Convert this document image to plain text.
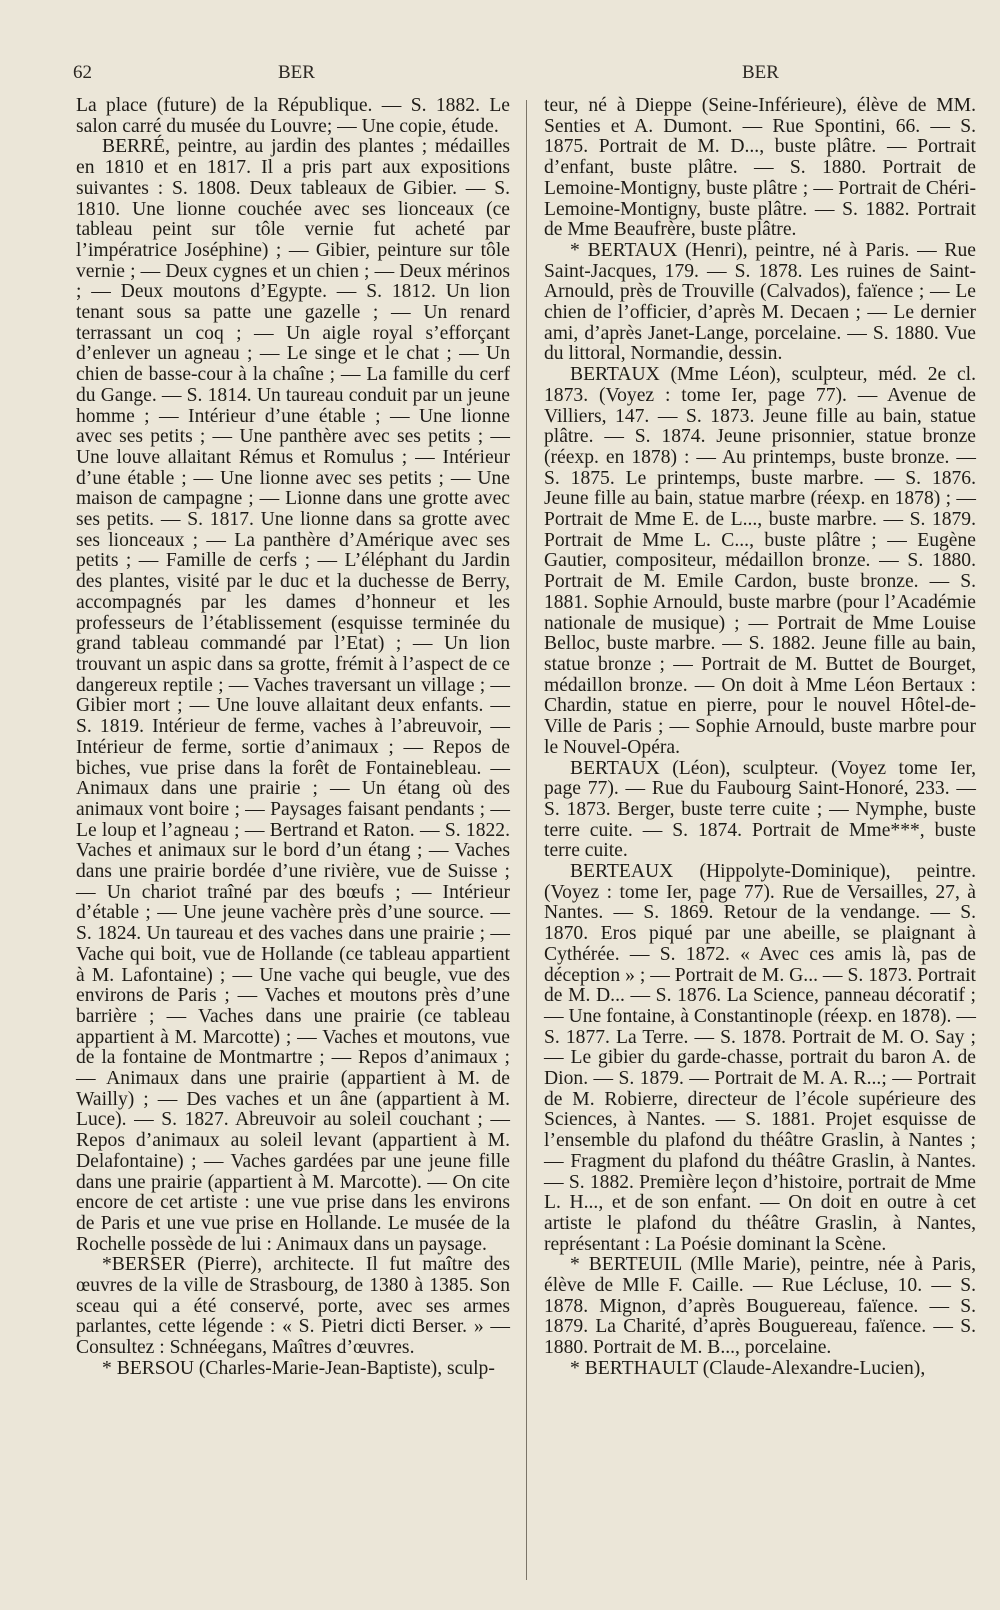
62	BER	BER

La place (future) de la République. — S. 1882. Le salon carré du musée du Louvre; — Une copie, étude.

BERRÉ, peintre, au jardin des plantes ; médailles en 1810 et en 1817. Il a pris part aux expositions suivantes : S. 1808. Deux tableaux de Gibier. — S. 1810. Une lionne couchée avec ses lionceaux (ce tableau peint sur tôle vernie fut acheté par l’impératrice Joséphine) ; — Gibier, peinture sur tôle vernie ; — Deux cygnes et un chien ; — Deux mérinos ; — Deux moutons d’Egypte. — S. 1812. Un lion tenant sous sa patte une gazelle ; — Un renard terrassant un coq ; — Un aigle royal s’efforçant d’enlever un agneau ; — Le singe et le chat ; — Un chien de basse-cour à la chaîne ; — La famille du cerf du Gange. — S. 1814. Un taureau conduit par un jeune homme ; — Intérieur d’une étable ; — Une lionne avec ses petits ; — Une panthère avec ses petits ; — Une louve allaitant Rémus et Romulus ; — Intérieur d’une étable ; — Une lionne avec ses petits ; — Une maison de campagne ; — Lionne dans une grotte avec ses petits. — S. 1817. Une lionne dans sa grotte avec ses lionceaux ; — La panthère d’Amérique avec ses petits ; — Famille de cerfs ; — L’éléphant du Jardin des plantes, visité par le duc et la duchesse de Berry, accompagnés par les dames d’honneur et les professeurs de l’établissement (esquisse terminée du grand tableau commandé par l’Etat) ; — Un lion trouvant un aspic dans sa grotte, frémit à l’aspect de ce dangereux reptile ; — Vaches traversant un village ; — Gibier mort ; — Une louve allaitant deux enfants. — S. 1819. Intérieur de ferme, vaches à l’abreuvoir, — Intérieur de ferme, sortie d’animaux ; — Repos de biches, vue prise dans la forêt de Fontainebleau. — Animaux dans une prairie ; — Un étang où des animaux vont boire ; — Paysages faisant pendants ; — Le loup et l’agneau ; — Bertrand et Raton. — S. 1822. Vaches et animaux sur le bord d’un étang ; — Vaches dans une prairie bordée d’une rivière, vue de Suisse ; — Un chariot traîné par des bœufs ; — Intérieur d’étable ; — Une jeune vachère près d’une source. — S. 1824. Un taureau et des vaches dans une prairie ; — Vache qui boit, vue de Hollande (ce tableau appartient à M. Lafontaine) ; — Une vache qui beugle, vue des environs de Paris ; — Vaches et moutons près d’une barrière ; — Vaches dans une prairie (ce tableau appartient à M. Marcotte) ; — Vaches et moutons, vue de la fontaine de Montmartre ; — Repos d’animaux ; — Animaux dans une prairie (appartient à M. de Wailly) ; — Des vaches et un âne (appartient à M. Luce). — S. 1827. Abreuvoir au soleil couchant ; — Repos d’animaux au soleil levant (appartient à M. Delafontaine) ; — Vaches gardées par une jeune fille dans une prairie (appartient à M. Marcotte). — On cite encore de cet artiste : une vue prise dans les environs de Paris et une vue prise en Hollande. Le musée de la Rochelle possède de lui : Animaux dans un paysage.

*BERSER (Pierre), architecte. Il fut maître des œuvres de la ville de Strasbourg, de 1380 à 1385. Son sceau qui a été conservé, porte, avec ses armes parlantes, cette légende : « S. Pietri dicti Berser. » — Consultez : Schnéegans, Maîtres d’œuvres.

* BERSOU (Charles-Marie-Jean-Baptiste), sculp-

teur, né à Dieppe (Seine-Inférieure), élève de MM. Senties et A. Dumont. — Rue Spontini, 66. — S. 1875. Portrait de M. D..., buste plâtre. — Portrait d’enfant, buste plâtre. — S. 1880. Portrait de Lemoine-Montigny, buste plâtre ; — Portrait de Chéri-Lemoine-Montigny, buste plâtre. — S. 1882. Portrait de Mme Beaufrère, buste plâtre.

* BERTAUX (Henri), peintre, né à Paris. — Rue Saint-Jacques, 179. — S. 1878. Les ruines de Saint-Arnould, près de Trouville (Calvados), faïence ; — Le chien de l’officier, d’après M. Decaen ; — Le dernier ami, d’après Janet-Lange, porcelaine. — S. 1880. Vue du littoral, Normandie, dessin.

BERTAUX (Mme Léon), sculpteur, méd. 2e cl. 1873. (Voyez : tome Ier, page 77). — Avenue de Villiers, 147. — S. 1873. Jeune fille au bain, statue plâtre. — S. 1874. Jeune prisonnier, statue bronze (réexp. en 1878) : — Au printemps, buste bronze. — S. 1875. Le printemps, buste marbre. — S. 1876. Jeune fille au bain, statue marbre (réexp. en 1878) ; — Portrait de Mme E. de L..., buste marbre. — S. 1879. Portrait de Mme L. C..., buste plâtre ; — Eugène Gautier, compositeur, médaillon bronze. — S. 1880. Portrait de M. Emile Cardon, buste bronze. — S. 1881. Sophie Arnould, buste marbre (pour l’Académie nationale de musique) ; — Portrait de Mme Louise Belloc, buste marbre. — S. 1882. Jeune fille au bain, statue bronze ; — Portrait de M. Buttet de Bourget, médaillon bronze. — On doit à Mme Léon Bertaux : Chardin, statue en pierre, pour le nouvel Hôtel-de-Ville de Paris ; — Sophie Arnould, buste marbre pour le Nouvel-Opéra.

BERTAUX (Léon), sculpteur. (Voyez tome Ier, page 77). — Rue du Faubourg Saint-Honoré, 233. — S. 1873. Berger, buste terre cuite ; — Nymphe, buste terre cuite. — S. 1874. Portrait de Mme***, buste terre cuite.

BERTEAUX (Hippolyte-Dominique), peintre. (Voyez : tome Ier, page 77). Rue de Versailles, 27, à Nantes. — S. 1869. Retour de la vendange. — S. 1870. Eros piqué par une abeille, se plaignant à Cythérée. — S. 1872. « Avec ces amis là, pas de déception » ; — Portrait de M. G... — S. 1873. Portrait de M. D... — S. 1876. La Science, panneau décoratif ; — Une fontaine, à Constantinople (réexp. en 1878). — S. 1877. La Terre. — S. 1878. Portrait de M. O. Say ; — Le gibier du garde-chasse, portrait du baron A. de Dion. — S. 1879. — Portrait de M. A. R...; — Portrait de M. Robierre, directeur de l’école supérieure des Sciences, à Nantes. — S. 1881. Projet esquisse de l’ensemble du plafond du théâtre Graslin, à Nantes ; — Fragment du plafond du théâtre Graslin, à Nantes. — S. 1882. Première leçon d’histoire, portrait de Mme L. H..., et de son enfant. — On doit en outre à cet artiste le plafond du théâtre Graslin, à Nantes, représentant : La Poésie dominant la Scène.

* BERTEUIL (Mlle Marie), peintre, née à Paris, élève de Mlle F. Caille. — Rue Lécluse, 10. — S. 1878. Mignon, d’après Bouguereau, faïence. — S. 1879. La Charité, d’après Bouguereau, faïence. — S. 1880. Portrait de M. B..., porcelaine.

* BERTHAULT (Claude-Alexandre-Lucien),
